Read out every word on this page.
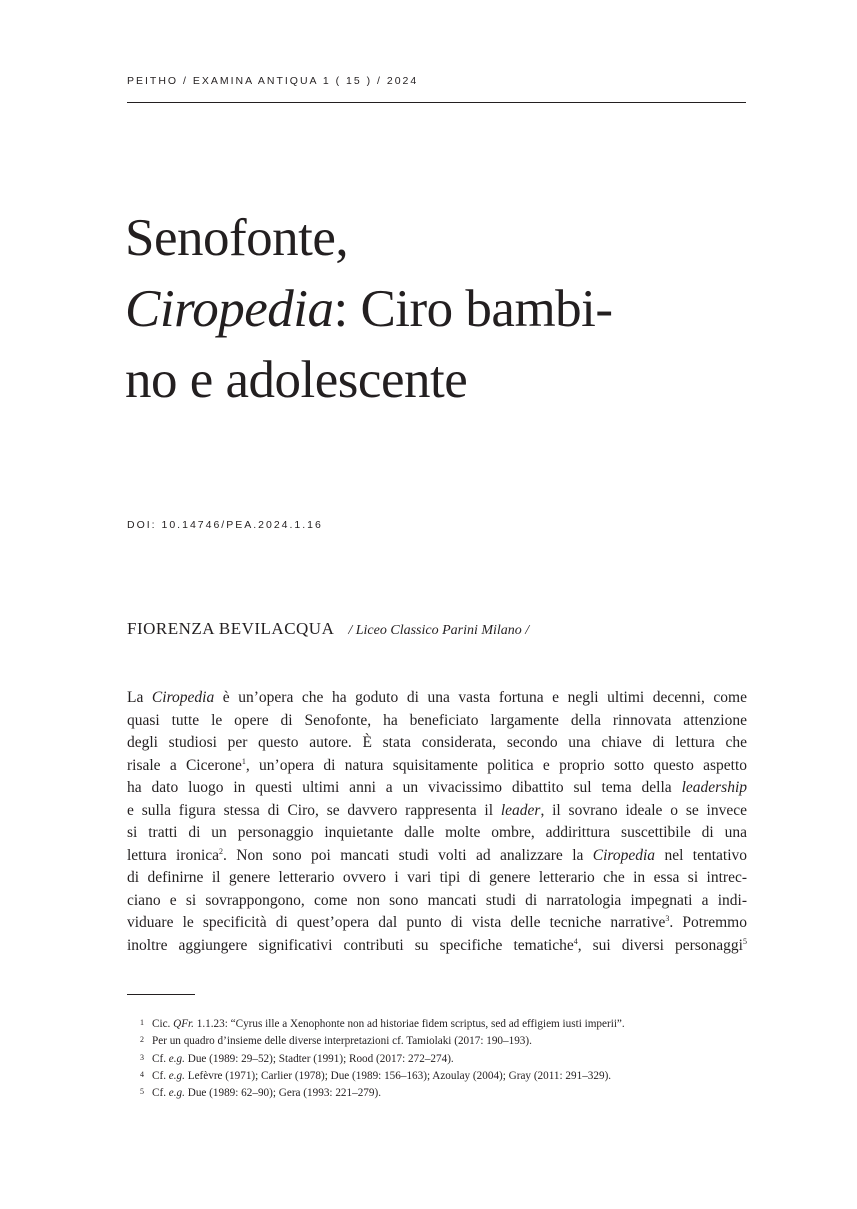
PEITHO / EXAMINA ANTIQUA 1 ( 15 ) / 2024
Senofonte,
Ciropedia: Ciro bambi-
no e adolescente
DOI: 10.14746/PEA.2024.1.16
FIORENZA BEVILACQUA / Liceo Classico Parini Milano /
La Ciropedia è un’opera che ha goduto di una vasta fortuna e negli ultimi decenni, come
quasi tutte le opere di Senofonte, ha beneficiato largamente della rinnovata attenzione
degli studiosi per questo autore. È stata considerata, secondo una chiave di lettura che
risale a Cicerone$^1$, un’opera di natura squisitamente politica e proprio sotto questo aspetto
ha dato luogo in questi ultimi anni a un vivacissimo dibattito sul tema della leadership
e sulla figura stessa di Ciro, se davvero rappresenta il leader, il sovrano ideale o se invece
si tratti di un personaggio inquietante dalle molte ombre, addirittura suscettibile di una
lettura ironica$^2$. Non sono poi mancati studi volti ad analizzare la Ciropedia nel tentativo
di definirne il genere letterario ovvero i vari tipi di genere letterario che in essa si intrec-
ciano e si sovrappongono, come non sono mancati studi di narratologia impegnati a indi-
viduare le specificità di quest’opera dal punto di vista delle tecniche narrative$^3$. Potremmo
inoltre aggiungere significativi contributi su specifiche tematiche$^4$, sui diversi personaggi$^5$
1 Cic. QFr. 1.1.23: “Cyrus ille a Xenophonte non ad historiae fidem scriptus, sed ad effigiem iusti imperii”.
2 Per un quadro d’insieme delle diverse interpretazioni cf. Tamiolaki (2017: 190–193).
3 Cf. e.g. Due (1989: 29–52); Stadter (1991); Rood (2017: 272–274).
4 Cf. e.g. Lefèvre (1971); Carlier (1978); Due (1989: 156–163); Azoulay (2004); Gray (2011: 291–329).
5 Cf. e.g. Due (1989: 62–90); Gera (1993: 221–279).
